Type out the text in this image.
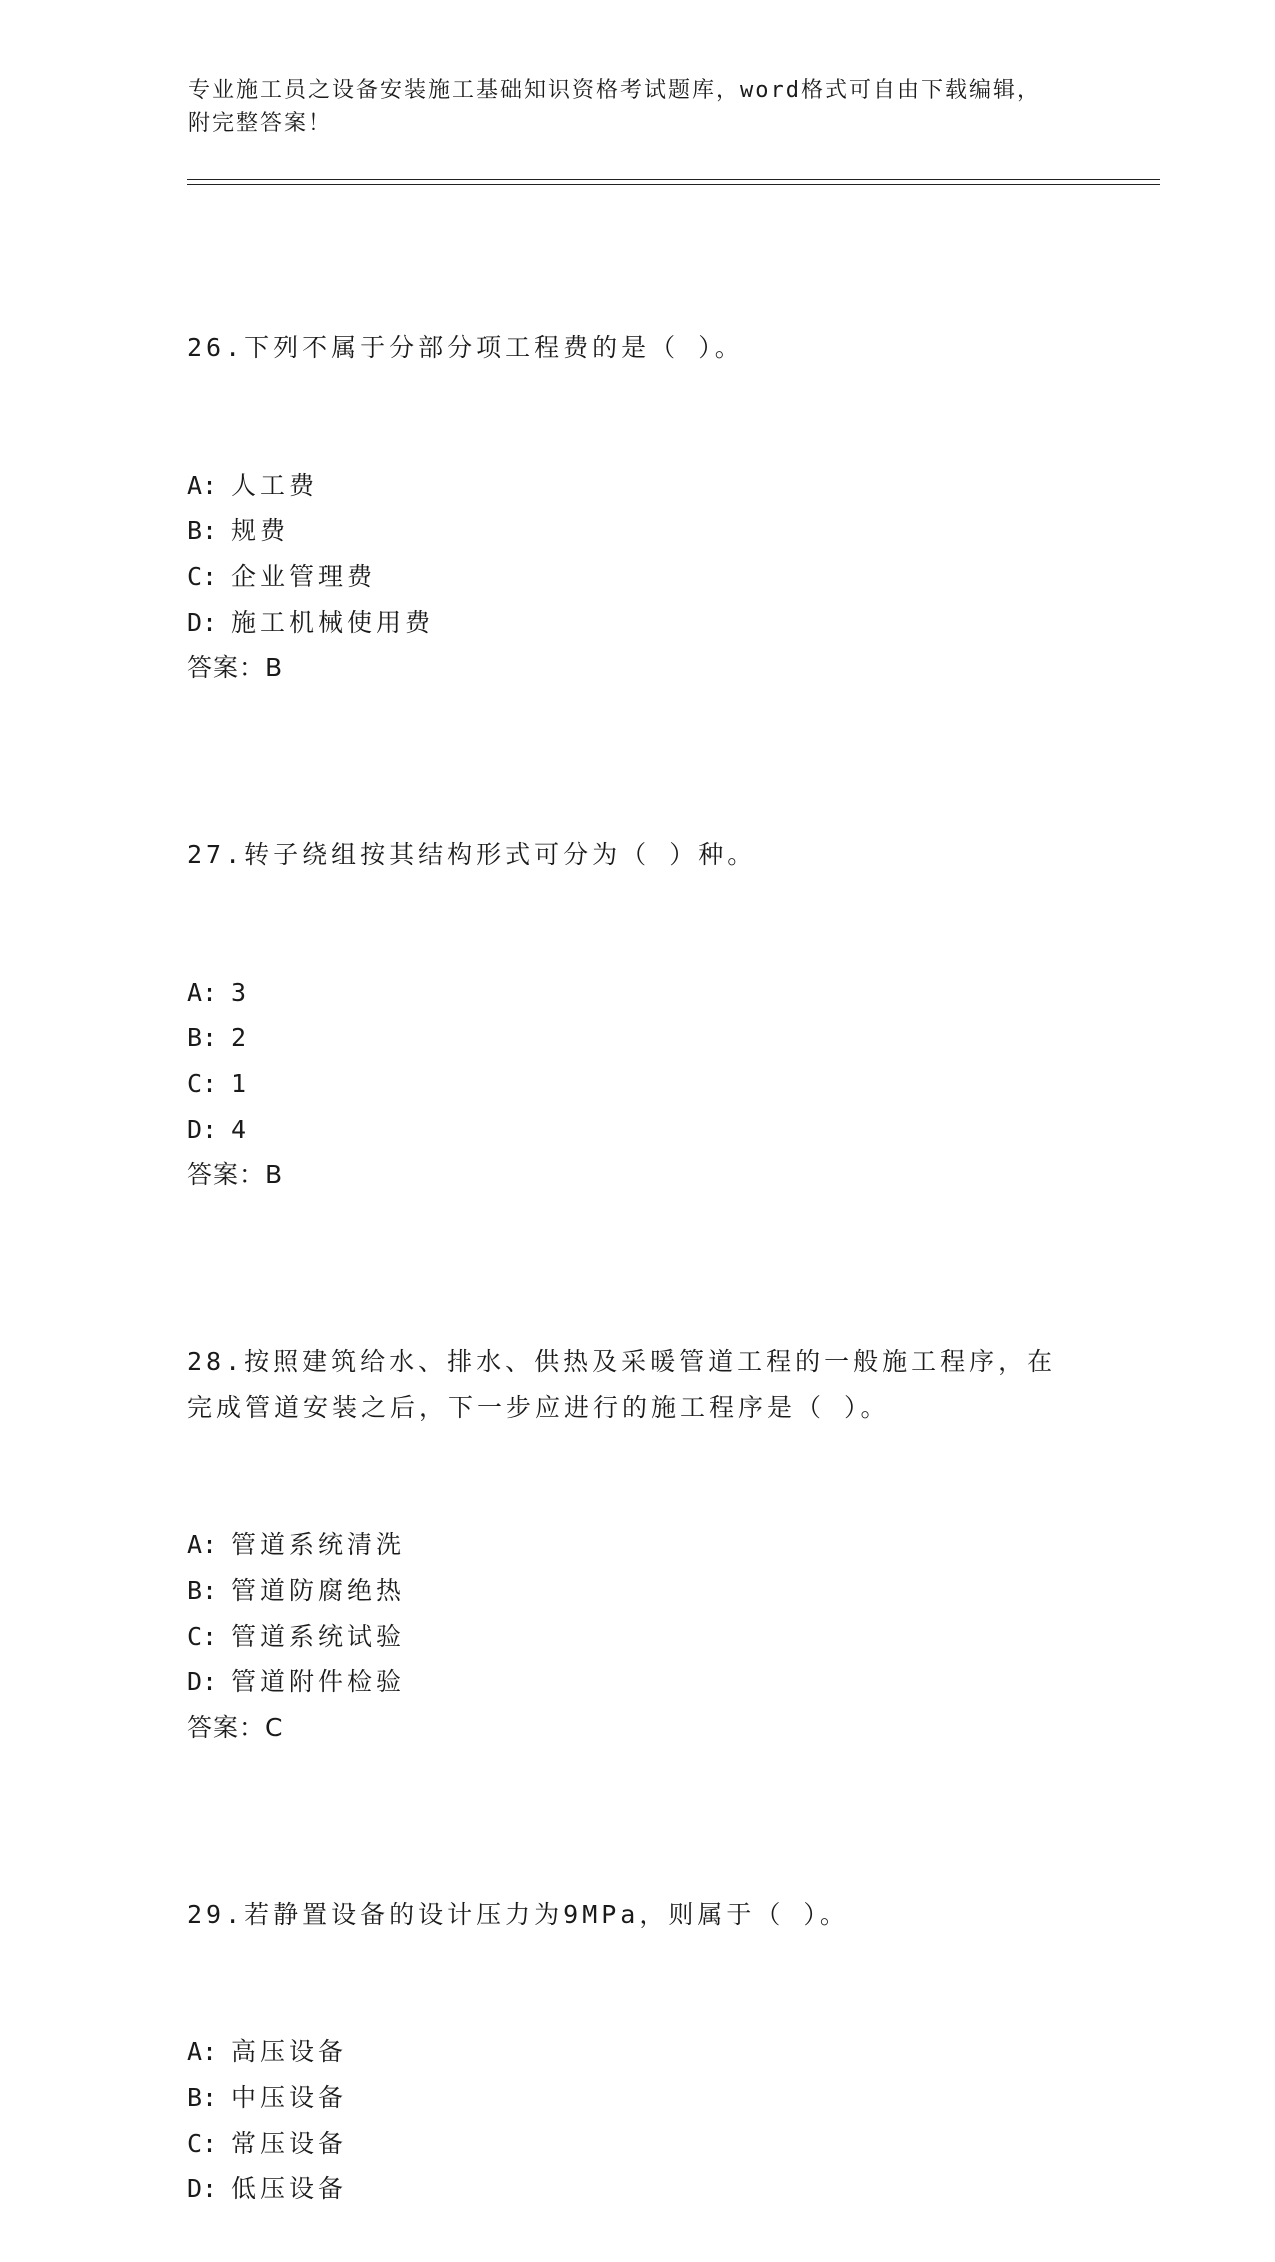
专业施工员之设备安装施工基础知识资格考试题库，word格式可自由下载编辑，
附完整答案！

26.下列不属于分部分项工程费的是（ ）。

A: 人工费
B: 规费
C: 企业管理费
D: 施工机械使用费
答案：B

27.转子绕组按其结构形式可分为（ ）种。

A: 3
B: 2
C: 1
D: 4
答案：B

28.按照建筑给水、排水、供热及采暖管道工程的一般施工程序，在完成管道安装之后，下一步应进行的施工程序是（ ）。

A: 管道系统清洗
B: 管道防腐绝热
C: 管道系统试验
D: 管道附件检验
答案：C

29.若静置设备的设计压力为9MPa，则属于（ ）。

A: 高压设备
B: 中压设备
C: 常压设备
D: 低压设备
